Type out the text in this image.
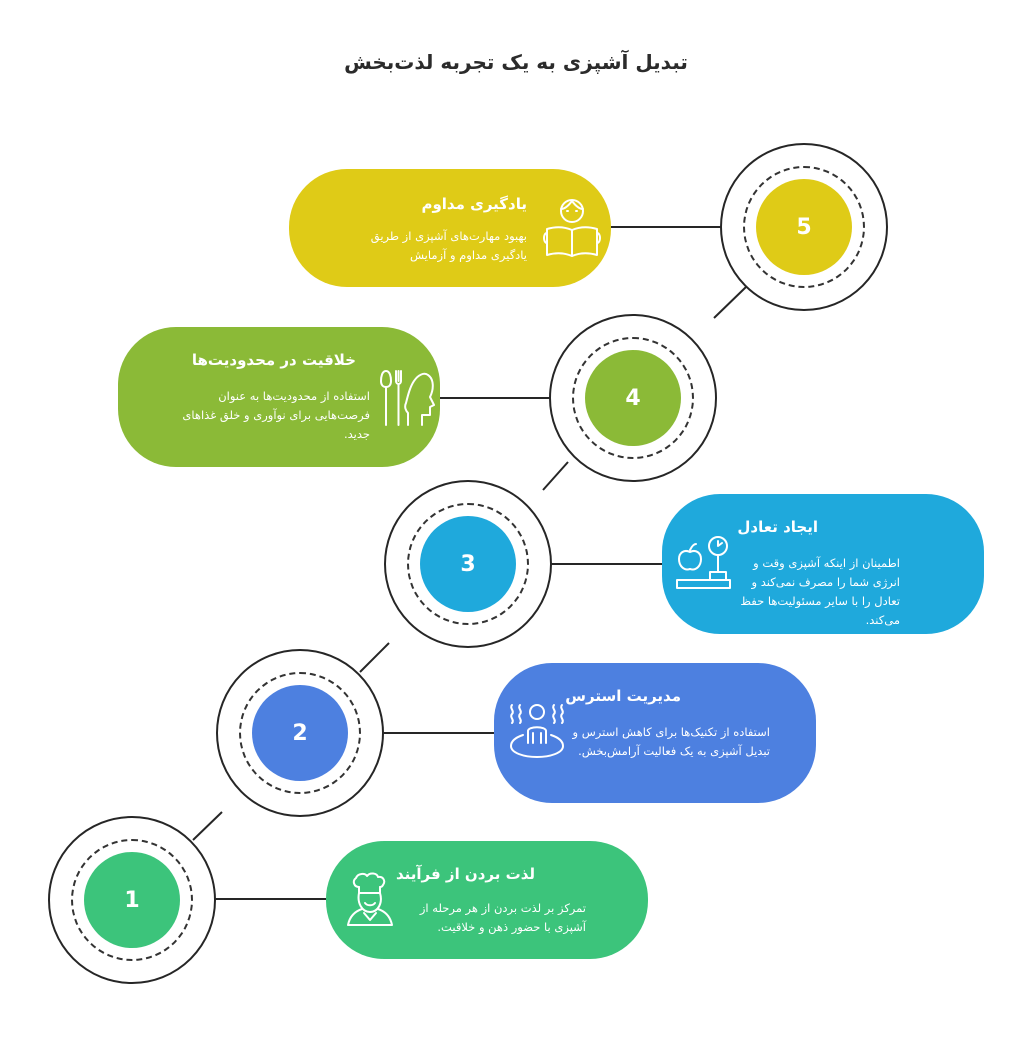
تبدیل آشپزی به یک تجربه لذت‌بخش
1
لذت بردن از فرآیند
تمرکز بر لذت بردن از هر مرحله از آشپزی با حضور ذهن و خلاقیت.
2
مدیریت استرس
استفاده از تکنیک‌ها برای کاهش استرس و تبدیل آشپزی به یک فعالیت آرامش‌بخش.
3
ایجاد تعادل
اطمینان از اینکه آشپزی وقت و انرژی شما را مصرف نمی‌کند و تعادل را با سایر مسئولیت‌ها حفظ می‌کند.
4
خلاقیت در محدودیت‌ها
استفاده از محدودیت‌ها به عنوان فرصت‌هایی برای نوآوری و خلق غذاهای جدید.
5
یادگیری مداوم
بهبود مهارت‌های آشپزی از طریق یادگیری مداوم و آزمایش
